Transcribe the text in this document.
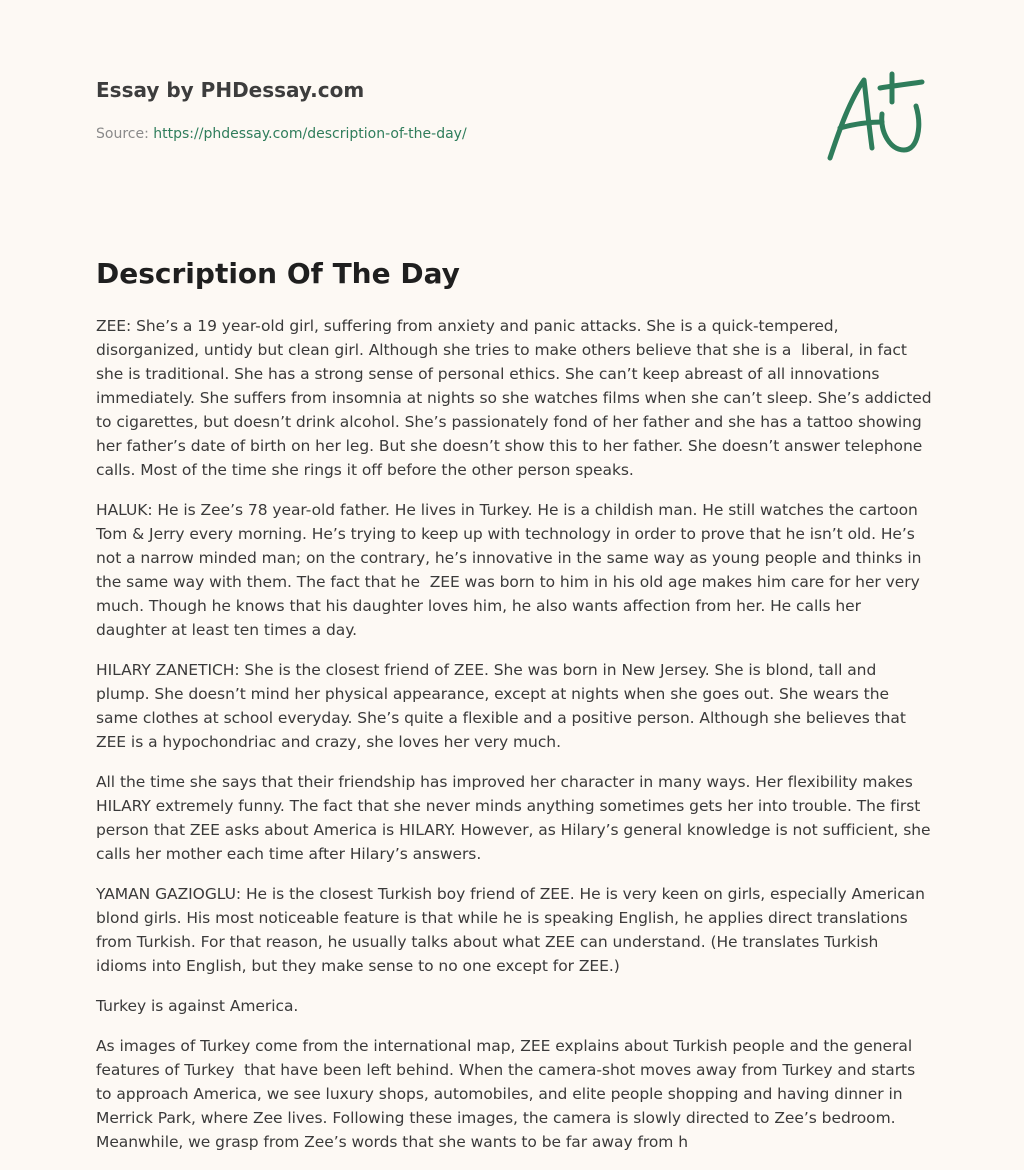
Essay by PHDessay.com
Source: https://phdessay.com/description-of-the-day/
Description Of The Day

ZEE: She’s a 19 year-old girl, suffering from anxiety and panic attacks. She is a quick-tempered, disorganized, untidy but clean girl. Although she tries to make others believe that she is a  liberal, in fact she is traditional. She has a strong sense of personal ethics. She can’t keep abreast of all innovations immediately. She suffers from insomnia at nights so she watches films when she can’t sleep. She’s addicted to cigarettes, but doesn’t drink alcohol. She’s passionately fond of her father and she has a tattoo showing her father’s date of birth on her leg. But she doesn’t show this to her father. She doesn’t answer telephone calls. Most of the time she rings it off before the other person speaks.

HALUK: He is Zee’s 78 year-old father. He lives in Turkey. He is a childish man. He still watches the cartoon Tom & Jerry every morning. He’s trying to keep up with technology in order to prove that he isn’t old. He’s not a narrow minded man; on the contrary, he’s innovative in the same way as young people and thinks in the same way with them. The fact that he  ZEE was born to him in his old age makes him care for her very much. Though he knows that his daughter loves him, he also wants affection from her. He calls her daughter at least ten times a day.

HILARY ZANETICH: She is the closest friend of ZEE. She was born in New Jersey. She is blond, tall and plump. She doesn’t mind her physical appearance, except at nights when she goes out. She wears the same clothes at school everyday. She’s quite a flexible and a positive person. Although she believes that ZEE is a hypochondriac and crazy, she loves her very much.

All the time she says that their friendship has improved her character in many ways. Her flexibility makes HILARY extremely funny. The fact that she never minds anything sometimes gets her into trouble. The first person that ZEE asks about America is HILARY. However, as Hilary’s general knowledge is not sufficient, she calls her mother each time after Hilary’s answers.

YAMAN GAZIOGLU: He is the closest Turkish boy friend of ZEE. He is very keen on girls, especially American blond girls. His most noticeable feature is that while he is speaking English, he applies direct translations from Turkish. For that reason, he usually talks about what ZEE can understand. (He translates Turkish idioms into English, but they make sense to no one except for ZEE.)

Turkey is against America.

As images of Turkey come from the international map, ZEE explains about Turkish people and the general features of Turkey  that have been left behind. When the camera-shot moves away from Turkey and starts to approach America, we see luxury shops, automobiles, and elite people shopping and having dinner in Merrick Park, where Zee lives. Following these images, the camera is slowly directed to Zee’s bedroom. Meanwhile, we grasp from Zee’s words that she wants to be far away from h
